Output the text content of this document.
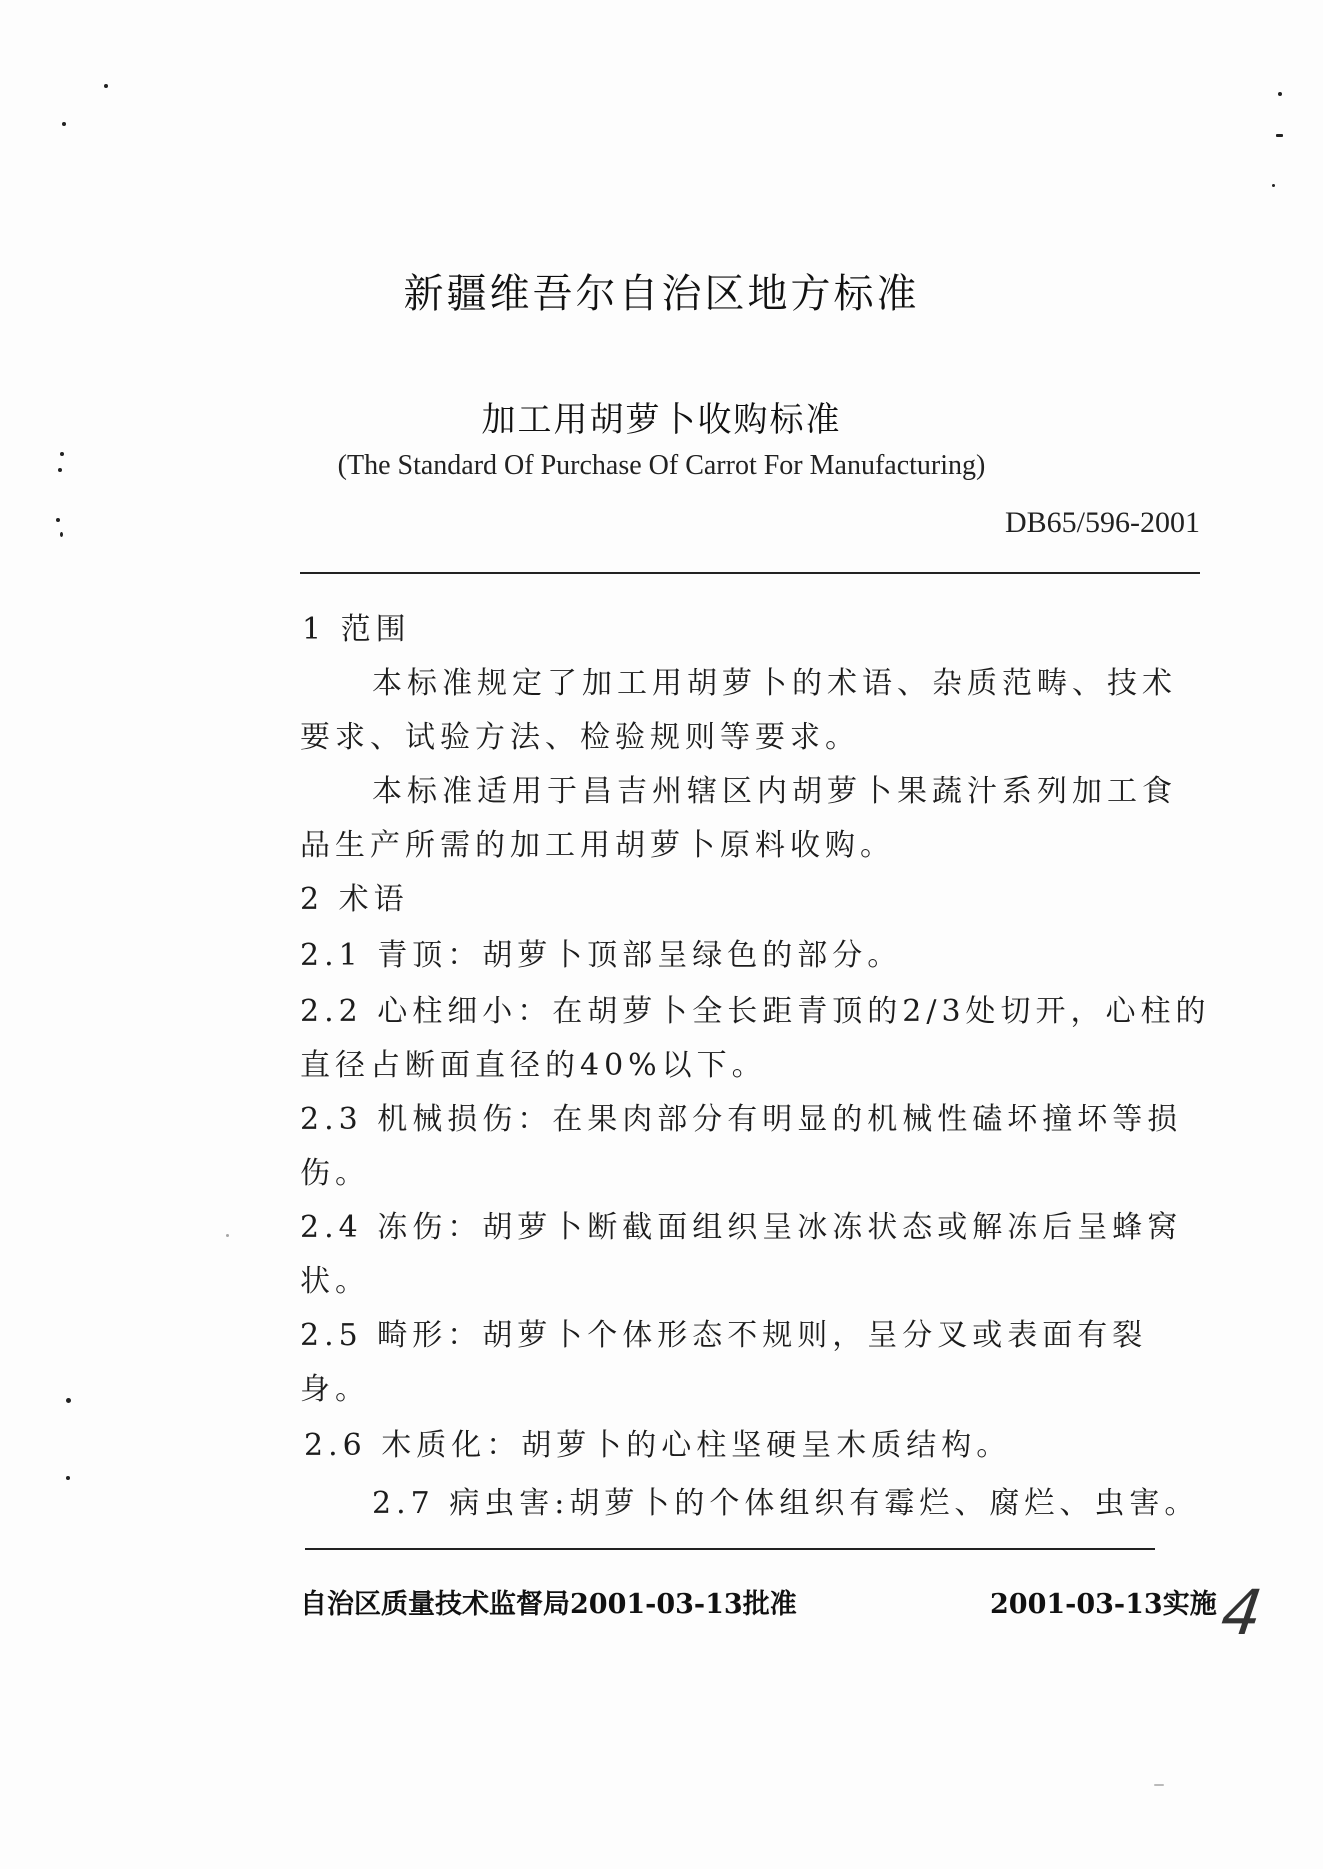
新疆维吾尔自治区地方标准
加工用胡萝卜收购标准
(The Standard Of Purchase Of Carrot For Manufacturing)
DB65/596-2001
1 范围
本标准规定了加工用胡萝卜的术语、杂质范畴、技术
要求、试验方法、检验规则等要求。
本标准适用于昌吉州辖区内胡萝卜果蔬汁系列加工食
品生产所需的加工用胡萝卜原料收购。
2 术语
2.1 青顶：胡萝卜顶部呈绿色的部分。
2.2 心柱细小：在胡萝卜全长距青顶的2/3处切开，心柱的
直径占断面直径的40%以下。
2.3 机械损伤：在果肉部分有明显的机械性磕坏撞坏等损
伤。
2.4 冻伤：胡萝卜断截面组织呈冰冻状态或解冻后呈蜂窝
状。
2.5 畸形：胡萝卜个体形态不规则，呈分叉或表面有裂
身。
2.6 木质化：胡萝卜的心柱坚硬呈木质结构。
2.7 病虫害:胡萝卜的个体组织有霉烂、腐烂、虫害。
自治区质量技术监督局2001-03-13批准	2001-03-13实施 4
